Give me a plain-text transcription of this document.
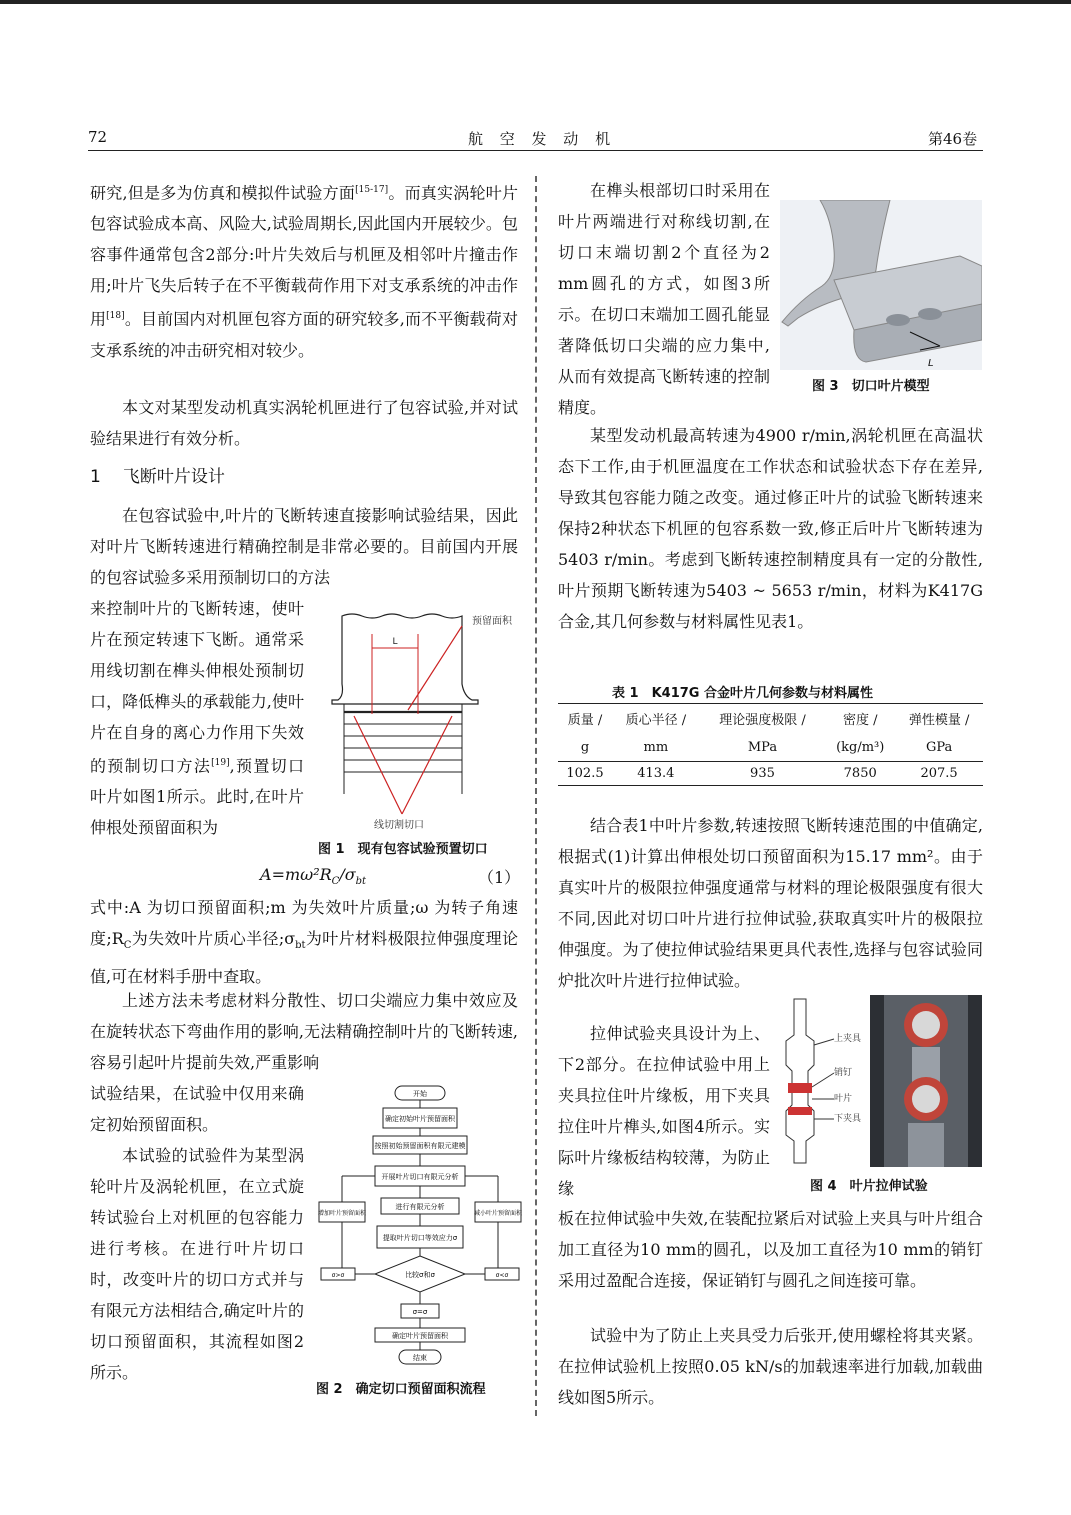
72	航 空 发 动 机	第46卷

研究,但是多为仿真和模拟件试验方面[15-17]。而真实涡轮叶片包容试验成本高、风险大,试验周期长,因此国内开展较少。包容事件通常包含2部分:叶片失效后与机匣及相邻叶片撞击作用;叶片飞失后转子在不平衡载荷作用下对支承系统的冲击作用[18]。目前国内对机匣包容方面的研究较多,而不平衡载荷对支承系统的冲击研究相对较少。

本文对某型发动机真实涡轮机匣进行了包容试验,并对试验结果进行有效分析。
1 飞断叶片设计
在包容试验中,叶片的飞断转速直接影响试验结果，因此对叶片飞断转速进行精确控制是非常必要的。目前国内开展的包容试验多采用预制切口的方法
来控制叶片的飞断转速，使叶片在预定转速下飞断。通常采用线切割在榫头伸根处预制切口，降低榫头的承载能力,使叶片在自身的离心力作用下失效的预制切口方法[19],预置切口叶片如图1所示。此时,在叶片伸根处预留面积为
L
预留面积
线切割切口
图 1　现有包容试验预置切口
$A=m\omega^2R_C/\sigma_{bt}$	（1）
式中:A 为切口预留面积;m 为失效叶片质量;ω 为转子角速度$;R_C$为失效叶片质心半径$;\sigma_{bt}$为叶片材料极限拉伸强度理论值,可在材料手册中查取。
上述方法未考虑材料分散性、切口尖端应力集中效应及在旋转状态下弯曲作用的影响,无法精确控制叶片的飞断转速,容易引起叶片提前失效,严重影响
试验结果，在试验中仅用来确定初始预留面积。
本试验的试验件为某型涡轮叶片及涡轮机匣，在立式旋转试验台上对机匣的包容能力进行考核。在进行叶片切口时，改变叶片的切口方式并与有限元方法相结合,确定叶片的切口预留面积，其流程如图2所示。
开始
确定初始叶片预留面积
按照初始预留面积有限元建模
开展叶片切口有限元分析
进行有限元分析
提取叶片切口等效应力σ
比较σ和σ
增加叶片预留面积	减小叶片预留面积
σ>σ	σ<σ
σ=σ
确定叶片预留面积
结束
图 2　确定切口预留面积流程
在榫头根部切口时采用在叶片两端进行对称线切割,在切口末端切割2个直径为2 mm圆孔的方式，如图3所示。在切口末端加工圆孔能显著降低切口尖端的应力集中,从而有效提高飞断转速的控制精度。
L
图 3　切口叶片模型
某型发动机最高转速为4900 r/min,涡轮机匣在高温状态下工作,由于机匣温度在工作状态和试验状态下存在差异,导致其包容能力随之改变。通过修正叶片的试验飞断转速来保持2种状态下机匣的包容系数一致,修正后叶片飞断转速为5403 r/min。考虑到飞断转速控制精度具有一定的分散性,叶片预期飞断转速为5403 ~ 5653 r/min，材料为K417G合金,其几何参数与材料属性见表1。
表 1　K417G 合金叶片几何参数与材料属性
质量 /	质心半径 /	理论强度极限 /	密度 /	弹性模量 /
g	mm	MPa	(kg/m³)	GPa
102.5	413.4	935	7850	207.5
结合表1中叶片参数,转速按照飞断转速范围的中值确定,根据式(1)计算出伸根处切口预留面积为15.17 mm²。由于真实叶片的极限拉伸强度通常与材料的理论极限强度有很大不同,因此对切口叶片进行拉伸试验,获取真实叶片的极限拉伸强度。为了使拉伸试验结果更具代表性,选择与包容试验同炉批次叶片进行拉伸试验。
拉伸试验夹具设计为上、下2部分。在拉伸试验中用上夹具拉住叶片缘板，用下夹具拉住叶片榫头,如图4所示。实际叶片缘板结构较薄，为防止缘
上夹具
销钉
叶片
下夹具
图 4　叶片拉伸试验
板在拉伸试验中失效,在装配拉紧后对试验上夹具与叶片组合加工直径为10 mm的圆孔，以及加工直径为10 mm的销钉采用过盈配合连接，保证销钉与圆孔之间连接可靠。
试验中为了防止上夹具受力后张开,使用螺栓将其夹紧。在拉伸试验机上按照0.05 kN/s的加载速率进行加载,加载曲线如图5所示。
